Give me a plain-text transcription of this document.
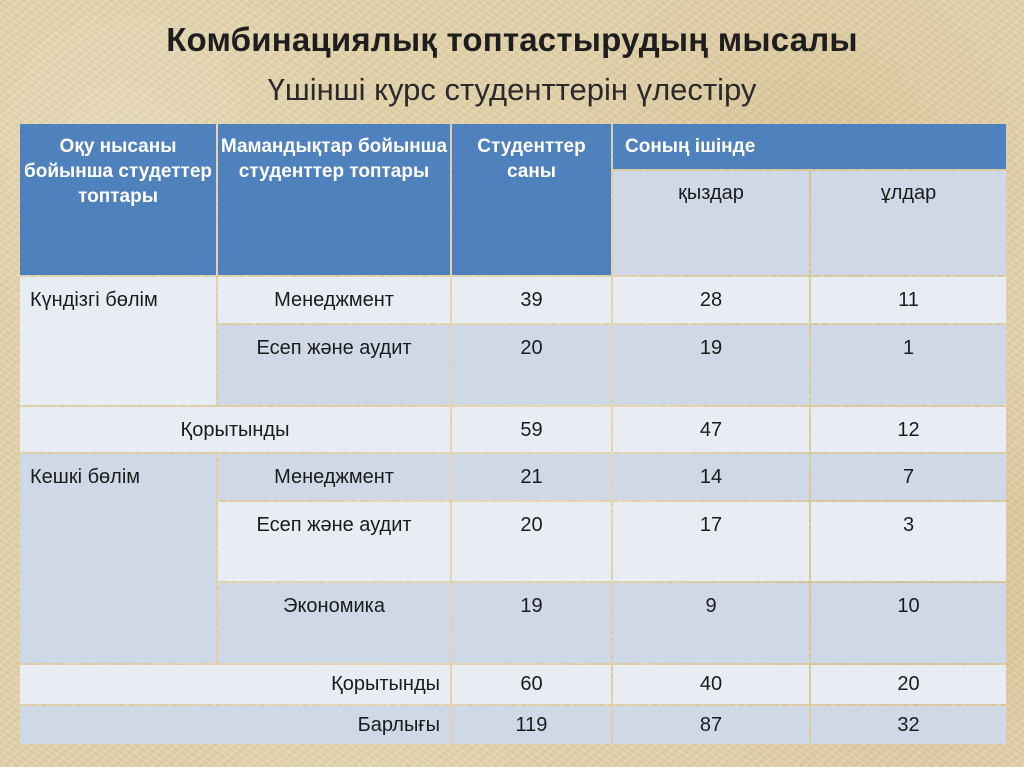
Комбинациялық топтастырудың мысалы
Үшінші курс студенттерін үлестіру
Оқу нысаны бойынша студеттер топтары	Мамандықтар бойынша студенттер топтары	Студенттер саны	Соның ішінде	

			қыздар	ұлдар

Күндізгі бөлім	Менеджмент	39	28	11

	Есеп және аудит	20	19	1

Қорытынды		59	47	12

Кешкі бөлім	Менеджмент	21	14	7

	Есеп және аудит	20	17	3

	Экономика	19	9	10

Қорытынды		60	40	20

Барлығы		119	87	32
